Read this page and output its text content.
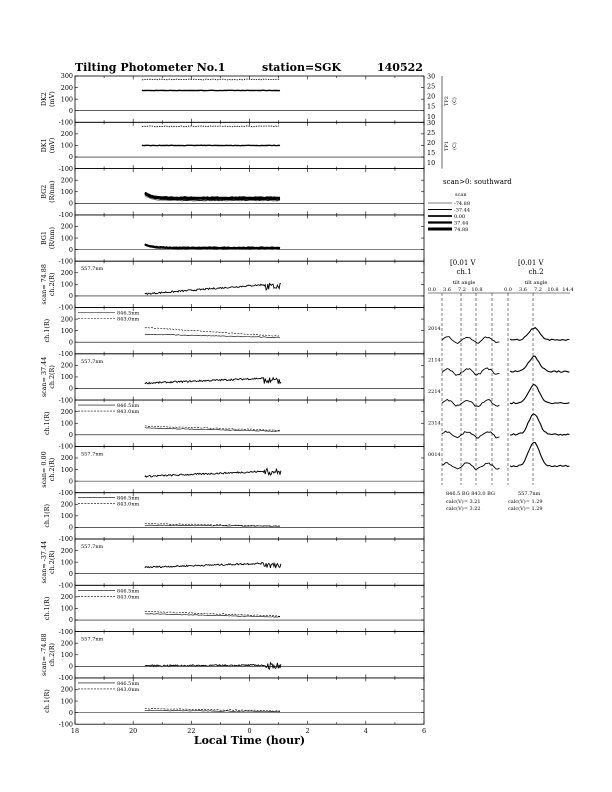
Tilting Photometer No.1	station=SGK	140522
300
200
100
0
-100
DK2(mV)
200
100
0
-100
DK1(mV)
200
100
0
-100
BG2(R/nm)
200
100
0
-100
BG1(R/nm)
200
100
0
-100
scan= 74.88ch.2(R)
557.7nm
200
100
0
-100
ch.1(R)
846.5nm
843.0nm
200
100
0
-100
scan= 37.44ch.2(R)
557.7nm
200
100
0
-100
ch.1(R)
846.5nm
843.0nm
200
100
0
-100
scan= 0.00ch.2(R)
557.7nm
200
100
0
-100
ch.1(R)
846.5nm
843.0nm
200
100
0
-100
scan= -37.44ch.2(R)
557.7nm
200
100
0
-100
ch.1(R)
846.5nm
843.0nm
200
100
0
-100
scan= -74.88ch.2(R)
557.7nm
200
100
0
-100
ch.1(R)
846.5nm
843.0nm
18	20	22	0	2	4	6
Local Time (hour)
30
25
20
15
10
30
25
20
15
10
TP2 (C)
TP1 (C)
scan>0: southward
scan
-74.88
-37.44
0.00
37.44
74.88
[0.01 V	[0.01 V
ch.1	ch.2
tilt angle	tilt angle
0.0 3.6 7.2 10.8	0.0 3.6 7.2 10.8 14.4
2014
2114
2214
2314
0014
846.5 BG 843.0 BG	557.7nm
calc(V)= 3.21
calc(V)= 3.22
calc(V)= 1.29
calc(V)= 1.29
